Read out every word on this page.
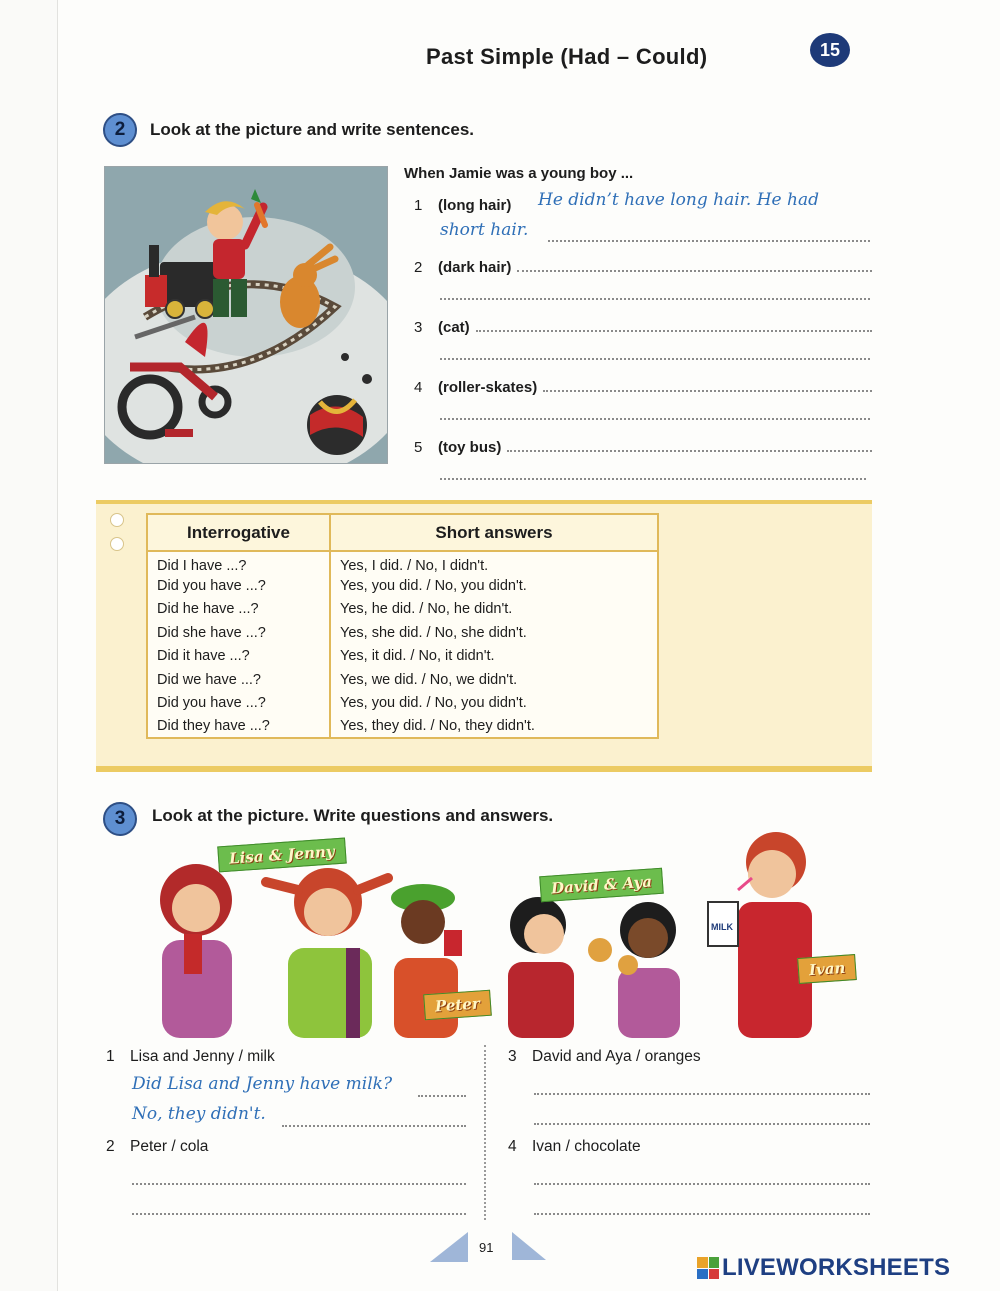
Past Simple (Had – Could)	15
2	Look at the picture and write sentences.
When Jamie was a young boy ...
1	(long hair) He didn’t have long hair. He had
short hair.
2	(dark hair)
3	(cat)
4	(roller-skates)
5	(toy bus)
Interrogative	Short answers
Did I have ...?	Yes, I did. / No, I didn't.
Did you have ...?	Yes, you did. / No, you didn't.
Did he have ...?	Yes, he did. / No, he didn't.
Did she have ...?	Yes, she did. / No, she didn't.
Did it have ...?	Yes, it did. / No, it didn't.
Did we have ...?	Yes, we did. / No, we didn't.
Did you have ...?	Yes, you did. / No, you didn't.
Did they have ...?	Yes, they did. / No, they didn't.
3	Look at the picture. Write questions and answers.
MILK
Lisa & Jenny
David & Aya
Peter
Ivan
1 Lisa and Jenny / milk
Did Lisa and Jenny have milk?
No, they didn't.
2 Peter / cola
3 David and Aya / oranges
4 Ivan / chocolate
91
LIVEWORKSHEETS
